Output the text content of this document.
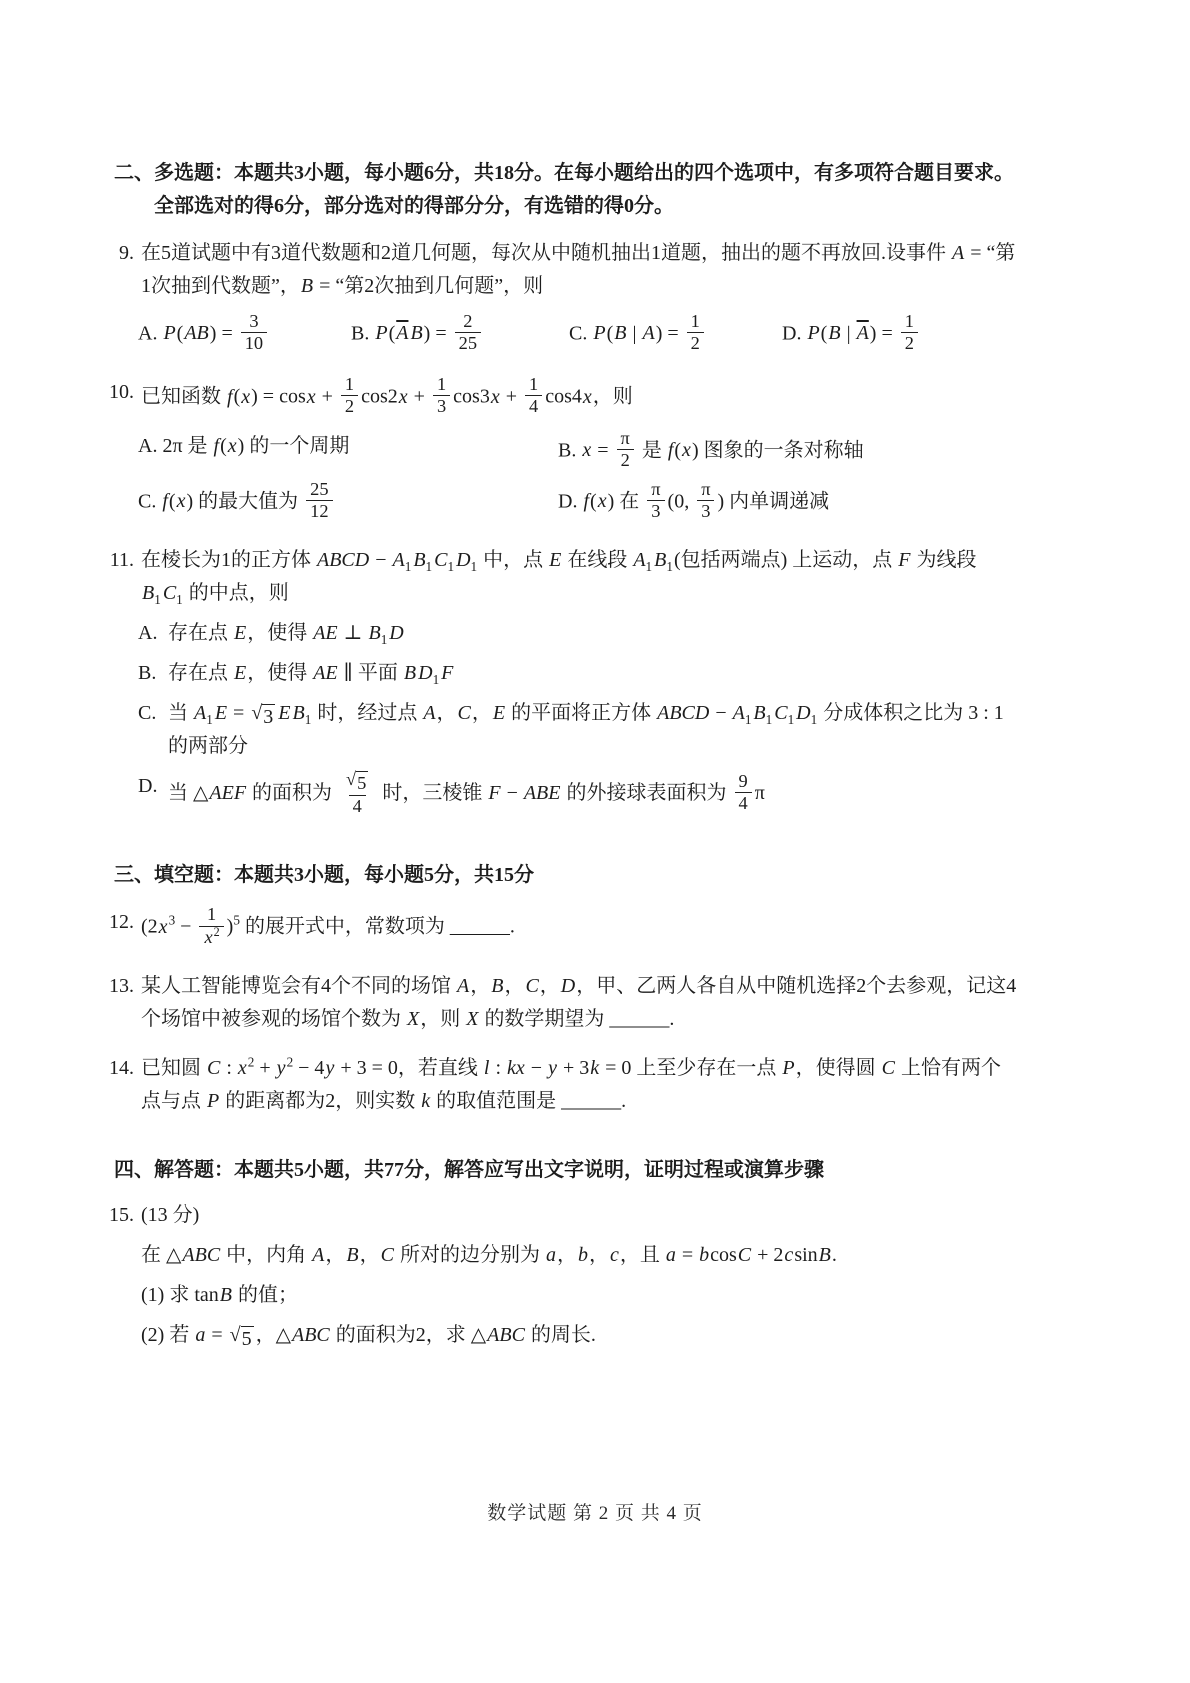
二、 多选题：本题共3小题，每小题6分，共18分。在每小题给出的四个选项中，有多项符合题目要求。全部选对的得6分，部分选对的得部分分，有选错的得0分。
9. 在5道试题中有3道代数题和2道几何题，每次从中随机抽出1道题，抽出的题不再放回.设事件 A = “第1次抽到代数题”，B = “第2次抽到几何题”，则
A. $P(AB) = \frac{3}{10}$	B. $P(\overline{A}$ $B) = \frac{2}{25}$	C. P(B | $A) = \frac{1}{2}$	D. P(B | $\overline{A}) = \frac{1}{2}$
10. 已知函数 $f(x) = \cos x + \frac{1}{2} \cos 2x + \frac{1}{3} \cos 3x + \frac{1}{4} \cos 4x$，则
A. 2π 是 f(x) 的一个周期	B. $x = \frac{\pi}{2}$ 是 f(x) 图象的一条对称轴
C. f(x) 的最大值为 $\frac{25}{12}$	D. f(x) 在 $\frac{\pi}{3} (0$, $\frac{\pi}{3}$ ) 内单调递减
11. 在棱长为1的正方体 ABCD − $A_1$ $B_1$ $C_1$ $D_1$ 中，点 E 在线段 $A_1$ $B_1$(包括两端点) 上运动，点 F 为线段 $B_1$ $C_1$ 的中点，则
A. 存在点 E，使得 AE ⊥ $B_1$ D
B. 存在点 E，使得 AE ∥ 平面 B $D_1$ F
C. 当 $A_1$ E = √ 3 E $B_1$ 时，经过点 A，C，E 的平面将正方体 ABCD − $A_1$ $B_1$ $C_1$ $D_1$ 分成体积之比为 3 : 1 的两部分
D. 当 △AEF 的面积为 $\frac{√ 5}{4}$ 时，三棱锥 F − ABE 的外接球表面积为 $\frac{9}{4}$ π
三、 填空题：本题共3小题，每小题5分，共15分
12. $(2x^3 - \frac{1}{x^2} )^5$ 的展开式中，常数项为 ______.
13. 某人工智能博览会有4个不同的场馆 A，B，C，D，甲、乙两人各自从中随机选择2个去参观，记这4个场馆中被参观的场馆个数为 X，则 X 的数学期望为 ______.
14. 已知圆 C : $x^2 + y^2 - 4y + 3 = 0$，若直线 l : kx − y + 3k = 0 上至少存在一点 P，使得圆 C 上恰有两个点与点 P 的距离都为2，则实数 k 的取值范围是 ______.
四、 解答题：本题共5小题，共77分，解答应写出文字说明，证明过程或演算步骤
15. (13 分)
在 △ABC 中，内角 A，B，C 所对的边分别为 a，b，c，且 a = bcosC + 2csinB.
(1) 求 tanB 的值；
(2) 若 a = √ 5 ，△ABC 的面积为2，求 △ABC 的周长.
数学试题 第 2 页 共 4 页
